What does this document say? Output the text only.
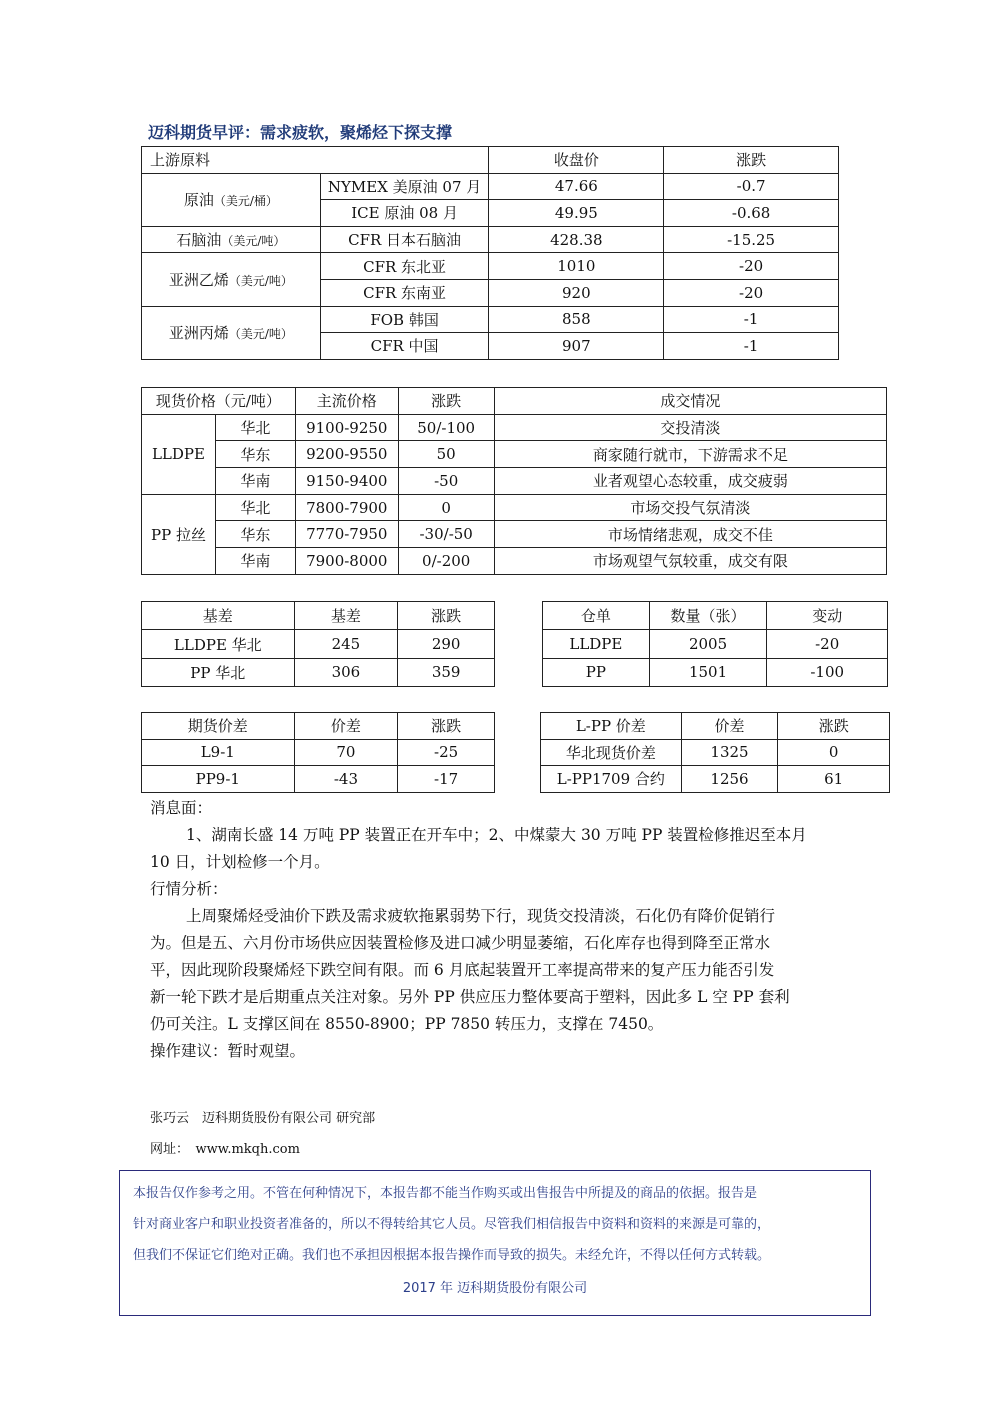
迈科期货早评：需求疲软，聚烯烃下探支撑
上游原料		收盘价	涨跌
原油（美元/桶）	NYMEX 美原油 07 月	47.66	-0.7
	ICE 原油 08 月	49.95	-0.68
石脑油（美元/吨）	CFR 日本石脑油	428.38	-15.25
亚洲乙烯（美元/吨）	CFR 东北亚	1010	-20
	CFR 东南亚	920	-20
亚洲丙烯（美元/吨）	FOB 韩国	858	-1
	CFR 中国	907	-1
现货价格（元/吨）		主流价格	涨跌	成交情况
LLDPE	华北	9100-9250	50/-100	交投清淡
	华东	9200-9550	50	商家随行就市，下游需求不足
	华南	9150-9400	-50	业者观望心态较重，成交疲弱
PP 拉丝	华北	7800-7900	0	市场交投气氛清淡
	华东	7770-7950	-30/-50	市场情绪悲观，成交不佳
	华南	7900-8000	0/-200	市场观望气氛较重，成交有限
基差	基差	涨跌
LLDPE 华北	245	290
PP 华北	306	359
仓单	数量（张）	变动
LLDPE	2005	-20
PP	1501	-100
期货价差	价差	涨跌
L9-1	70	-25
PP9-1	-43	-17
L-PP 价差	价差	涨跌
华北现货价差	1325	0
L-PP1709 合约	1256	61
消息面：
1、湖南长盛 14 万吨 PP 装置正在开车中；2、中煤蒙大 30 万吨 PP 装置检修推迟至本月
10 日，计划检修一个月。
行情分析：
上周聚烯烃受油价下跌及需求疲软拖累弱势下行，现货交投清淡，石化仍有降价促销行
为。但是五、六月份市场供应因装置检修及进口减少明显萎缩，石化库存也得到降至正常水
平，因此现阶段聚烯烃下跌空间有限。而 6 月底起装置开工率提高带来的复产压力能否引发
新一轮下跌才是后期重点关注对象。另外 PP 供应压力整体要高于塑料，因此多 L 空 PP 套利
仍可关注。L 支撑区间在 8550-8900；PP 7850 转压力，支撑在 7450。
操作建议：暂时观望。
张巧云　迈科期货股份有限公司 研究部
网址：　www.mkqh.com

本报告仅作参考之用。不管在何种情况下，本报告都不能当作购买或出售报告中所提及的商品的依据。报告是

针对商业客户和职业投资者准备的，所以不得转给其它人员。尽管我们相信报告中资料和资料的来源是可靠的，

但我们不保证它们绝对正确。我们也不承担因根据本报告操作而导致的损失。未经允许，不得以任何方式转载。

2017 年 迈科期货股份有限公司
